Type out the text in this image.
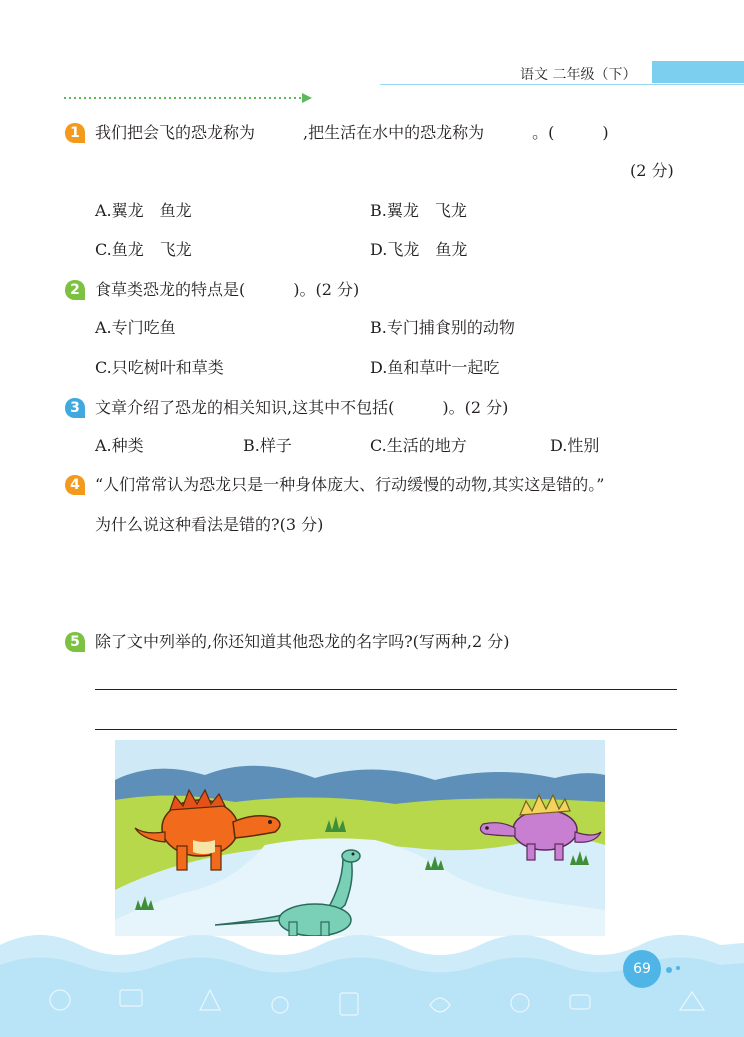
语文 二年级（下）
1 我们把会飞的恐龙称为　　　,把生活在水中的恐龙称为　　　。(　　　)
(2 分)
A.翼龙　鱼龙	B.翼龙　飞龙
C.鱼龙　飞龙	D.飞龙　鱼龙
2 食草类恐龙的特点是(　　　)。(2 分)
A.专门吃鱼	B.专门捕食别的动物
C.只吃树叶和草类	D.鱼和草叶一起吃
3 文章介绍了恐龙的相关知识,这其中不包括(　　　)。(2 分)
A.种类	B.样子	C.生活的地方	D.性别
4 “人们常常认为恐龙只是一种身体庞大、行动缓慢的动物,其实这是错的。”
为什么说这种看法是错的?(3 分)
5 除了文中列举的,你还知道其他恐龙的名字吗?(写两种,2 分)
69
